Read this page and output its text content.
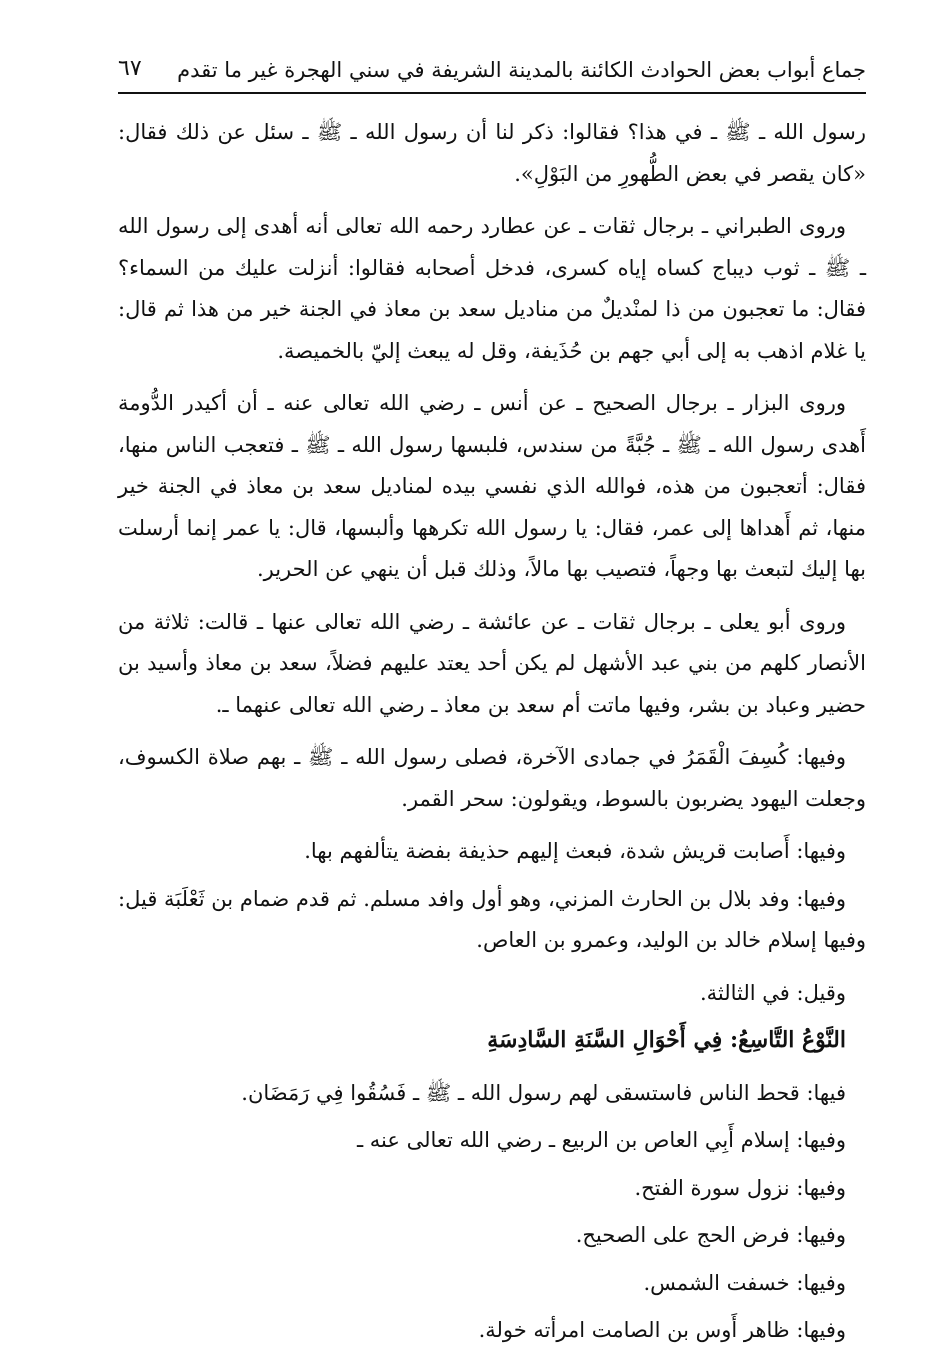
جماع أبواب بعض الحوادث الكائنة بالمدينة الشريفة في سني الهجرة غير ما تقدم
٦٧

رسول الله ـ ﷺ ـ في هذا؟ فقالوا: ذكر لنا أن رسول الله ـ ﷺ ـ سئل عن ذلك فقال: «كان يقصر في بعض الطُّهورِ من البَوْلِ».

وروى الطبراني ـ برجال ثقات ـ عن عطارد رحمه الله تعالى أنه أهدى إلى رسول الله ـ ﷺ ـ ثوب ديباج كساه إياه كسرى، فدخل أصحابه فقالوا: أنزلت عليك من السماء؟ فقال: ما تعجبون من ذا لمنْديلٌ من مناديل سعد بن معاذ في الجنة خير من هذا ثم قال: يا غلام اذهب به إلى أبي جهم بن حُذَيفة، وقل له يبعث إليّ بالخميصة.

وروى البزار ـ برجال الصحيح ـ عن أنس ـ رضي الله تعالى عنه ـ أن أكيدر الدُّومة أَهدى رسول الله ـ ﷺ ـ جُبَّةً من سندس، فلبسها رسول الله ـ ﷺ ـ فتعجب الناس منها، فقال: أتعجبون من هذه، فوالله الذي نفسي بيده لمناديل سعد بن معاذ في الجنة خير منها، ثم أَهداها إلى عمر، فقال: يا رسول الله تكرهها وألبسها، قال: يا عمر إنما أرسلت بها إليك لتبعث بها وجهاً، فتصيب بها مالاً، وذلك قبل أن ينهي عن الحرير.

وروى أبو يعلى ـ برجال ثقات ـ عن عائشة ـ رضي الله تعالى عنها ـ قالت: ثلاثة من الأنصار كلهم من بني عبد الأشهل لم يكن أحد يعتد عليهم فضلاً، سعد بن معاذ وأسيد بن حضير وعباد بن بشر، وفيها ماتت أم سعد بن معاذ ـ رضي الله تعالى عنهما ـ.

وفيها: كُسِفَ الْقَمَرُ في جمادى الآخرة، فصلى رسول الله ـ ﷺ ـ بهم صلاة الكسوف، وجعلت اليهود يضربون بالسوط، ويقولون: سحر القمر.

وفيها: أَصابت قريش شدة، فبعث إليهم حذيفة بفضة يتألفهم بها.

وفيها: وفد بلال بن الحارث المزني، وهو أول وافد مسلم. ثم قدم ضمام بن ثَعْلَبَة قيل: وفيها إسلام خالد بن الوليد، وعمرو بن العاص.

وقيل: في الثالثة.

النَّوْعُ التَّاسِعُ: فِي أَحْوَالِ السَّنَةِ السَّادِسَةِ

فيها: قحط الناس فاستسقى لهم رسول الله ـ ﷺ ـ فَسُقُوا فِي رَمَضَان.

وفيها: إسلام أَبِي العاص بن الربيع ـ رضي الله تعالى عنه ـ

وفيها: نزول سورة الفتح.

وفيها: فرض الحج على الصحيح.

وفيها: خسفت الشمس.

وفيها: ظاهر أَوس بن الصامت امرأته خولة.
